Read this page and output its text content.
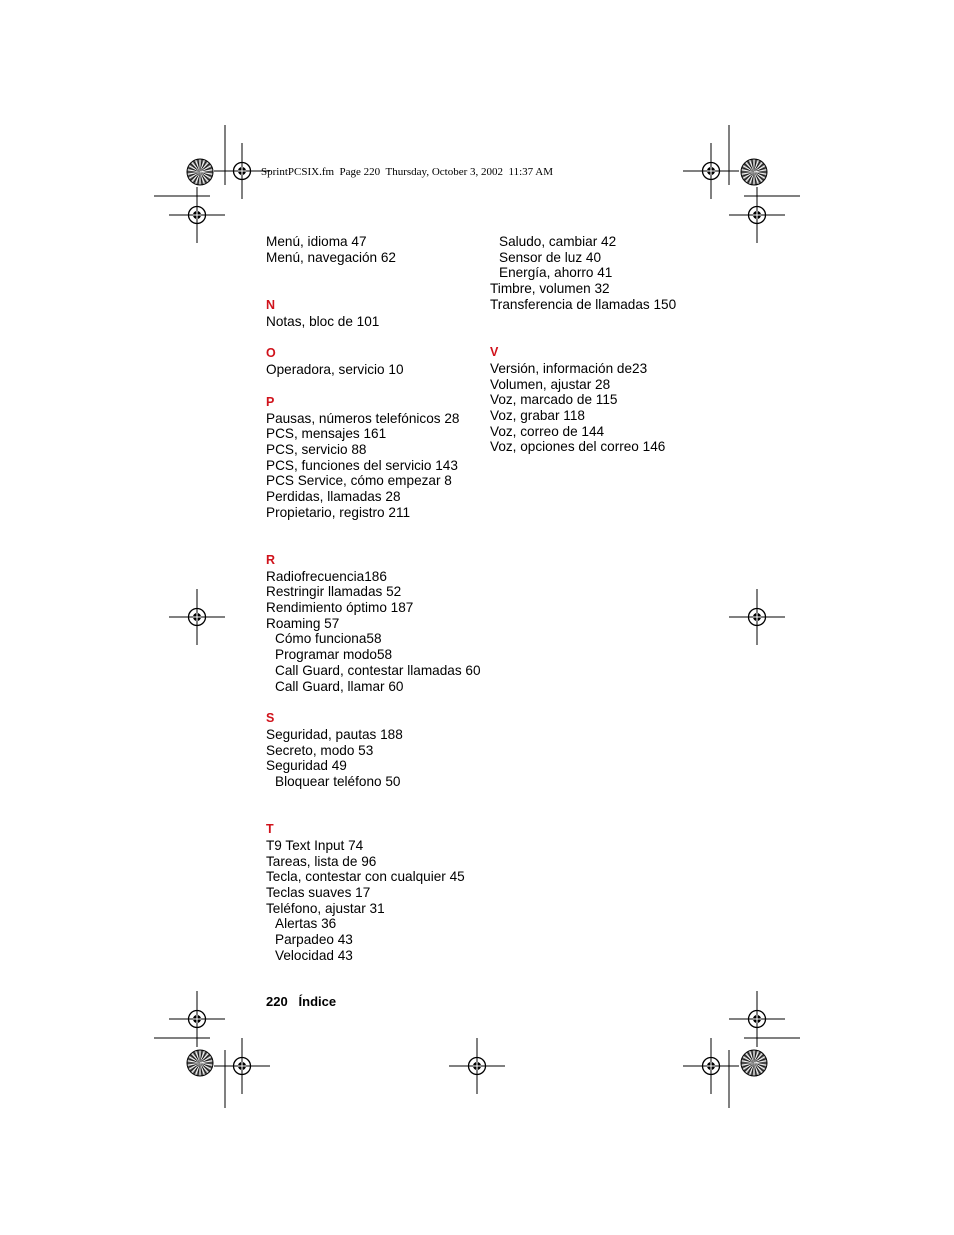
SprintPCSIX.fm Page 220 Thursday, October 3, 2002  11:37 AM
Menú, idioma 47
Menú, navegación 62
N
Notas, bloc de 101
O
Operadora, servicio 10
P
Pausas, números telefónicos 28
PCS, mensajes 161
PCS, servicio 88
PCS, funciones del servicio 143
PCS Service, cómo empezar 8
Perdidas, llamadas 28
Propietario, registro 211
R
Radiofrecuencia186
Restringir llamadas 52
Rendimiento óptimo 187
Roaming 57
Cómo funciona58
Programar modo58
Call Guard, contestar llamadas 60
Call Guard, llamar 60
S
Seguridad, pautas 188
Secreto, modo 53
Seguridad 49
Bloquear teléfono 50
T
T9 Text Input 74
Tareas, lista de 96
Tecla, contestar con cualquier 45
Teclas suaves 17
Teléfono, ajustar 31
Alertas 36
Parpadeo 43
Velocidad 43
Saludo, cambiar 42
Sensor de luz 40
Energía, ahorro 41
Timbre, volumen 32
Transferencia de llamadas 150
V
Versión, información de23
Volumen, ajustar 28
Voz, marcado de 115
Voz, grabar 118
Voz, correo de 144
Voz, opciones del correo 146
220 Índice
